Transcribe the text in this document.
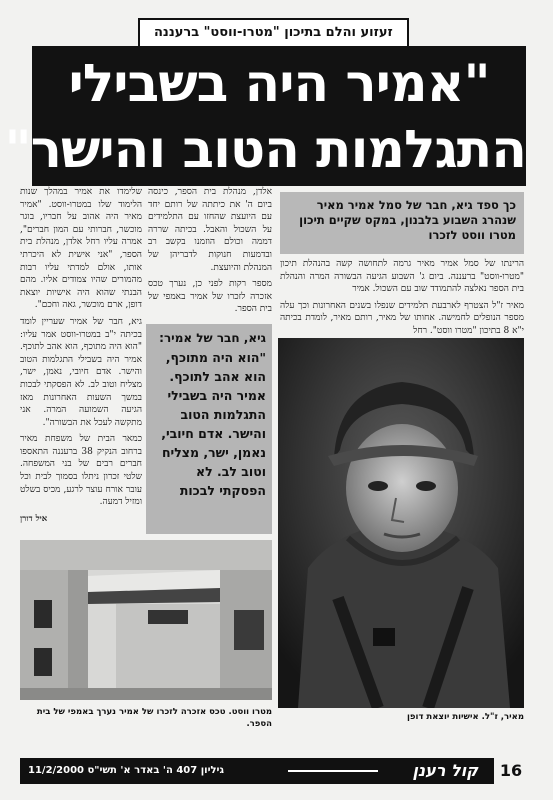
זעזוע והלם בתיכון "מטרו-ווסט" ברעננה
"אמיר היה בשבילי
התגלמות הטוב והישר"
כך ספד גיא, חבר של סמל אמיר מאיר שנהרג השבוע בלבנון, במקס שקיים תיכון מטרו ווסט לזכרו

הרינתו של סמל אמיר מאיר גרמה לתחושה קשה בהנהלת תיכון "מטרו-ווסט" ברעננה. ביום ג' השבוע הגיעה הבשורה המרה והנהלת בית הספר נאלצה להתמודד שוב עם השכול. אמיר

מאיר ז"ל הצטרף לארבעת תלמידים שנפלו בשנים האחרונות וכך עלה מספר הנופלים לחמישה. אחותו של מאיר, רותם מאיר, לומדת בכיתה י"א 8 בתיכון "מטרו ווסט". רחל

אלדן, מנהלת בית הספר, כינסה ביום ה' את כיתתה של רותם יחד עם היועצת שהחזו עם התלמידים על השכול והאבל. בכיתה שררה דממה וכולם הוזמנו בקשב רב ובדמעות חנוקות לדבריהן של המנהלת והיועצת.

מספר רקות לפני כן, נערך טכס אזכרה לזכרו של אמיר באמפי של בית הספר.

שלימדו את אמיר במהלך שנות הלימוד שלו במטרו-ווסט. "אמיר מאיר היה אהוב על חבריו, בוגר מוכשר, חברותי עם המון חברים", אמרה עליו רחל אלדן, מנהלת בית הספר, "אני אישית לא היכרתי אותו, אולם למדתי עליו רבות מהמורים שהיו צמודים אליו. מהם הבנתי שהוא היה אישיות יוצאת דופן, ארם מוכשר, גאה וחכם".

גיא, חבר של אמיר שעריין לומד בכיתה י"ב במטרו-ווסט אמר עליו: "הוא היה מתוכף, הוא אהב לתוכף. אמיר היה בשבילי התגלמות הטוב והישר. אדם חיובי, נאמן, ישר, מצליח וטוב לב. לא הפסקתי לבכות במשך השעות האחרונות מאז הגיעה השמועה המרה. אני מתקשה לעכל את הבשורה".

כמאר הבית של משפחת מאיר ברחוב הנקיק 38 ברעננה התאספו חברים רבים של בני המשפחה. שלטי זכרון ניתלו בסמוך לבית וכל עובר אורח עוצר לרגע, מכיס בשלט ומזיל דמעה.

איל דורן
גיא, חבר של אמיר:
"הוא היה מתוכף, הוא אהב לתוכף. אמיר היה בשבילי התגלמות הטוב והישר. אדם חיובי, נאמן, ישר, מצליח וטוב לב. לא הפסקתי לבכות
מאיר, ז"ל. אישיות יוצאת דופן
מטרו ווסט. טכס אזכרה לזכרו של אמיר נערך באמפי של בית הספר.
16
קול רענן
גיליון 407 ה' באדר א' תשי"ס 11/2/2000
